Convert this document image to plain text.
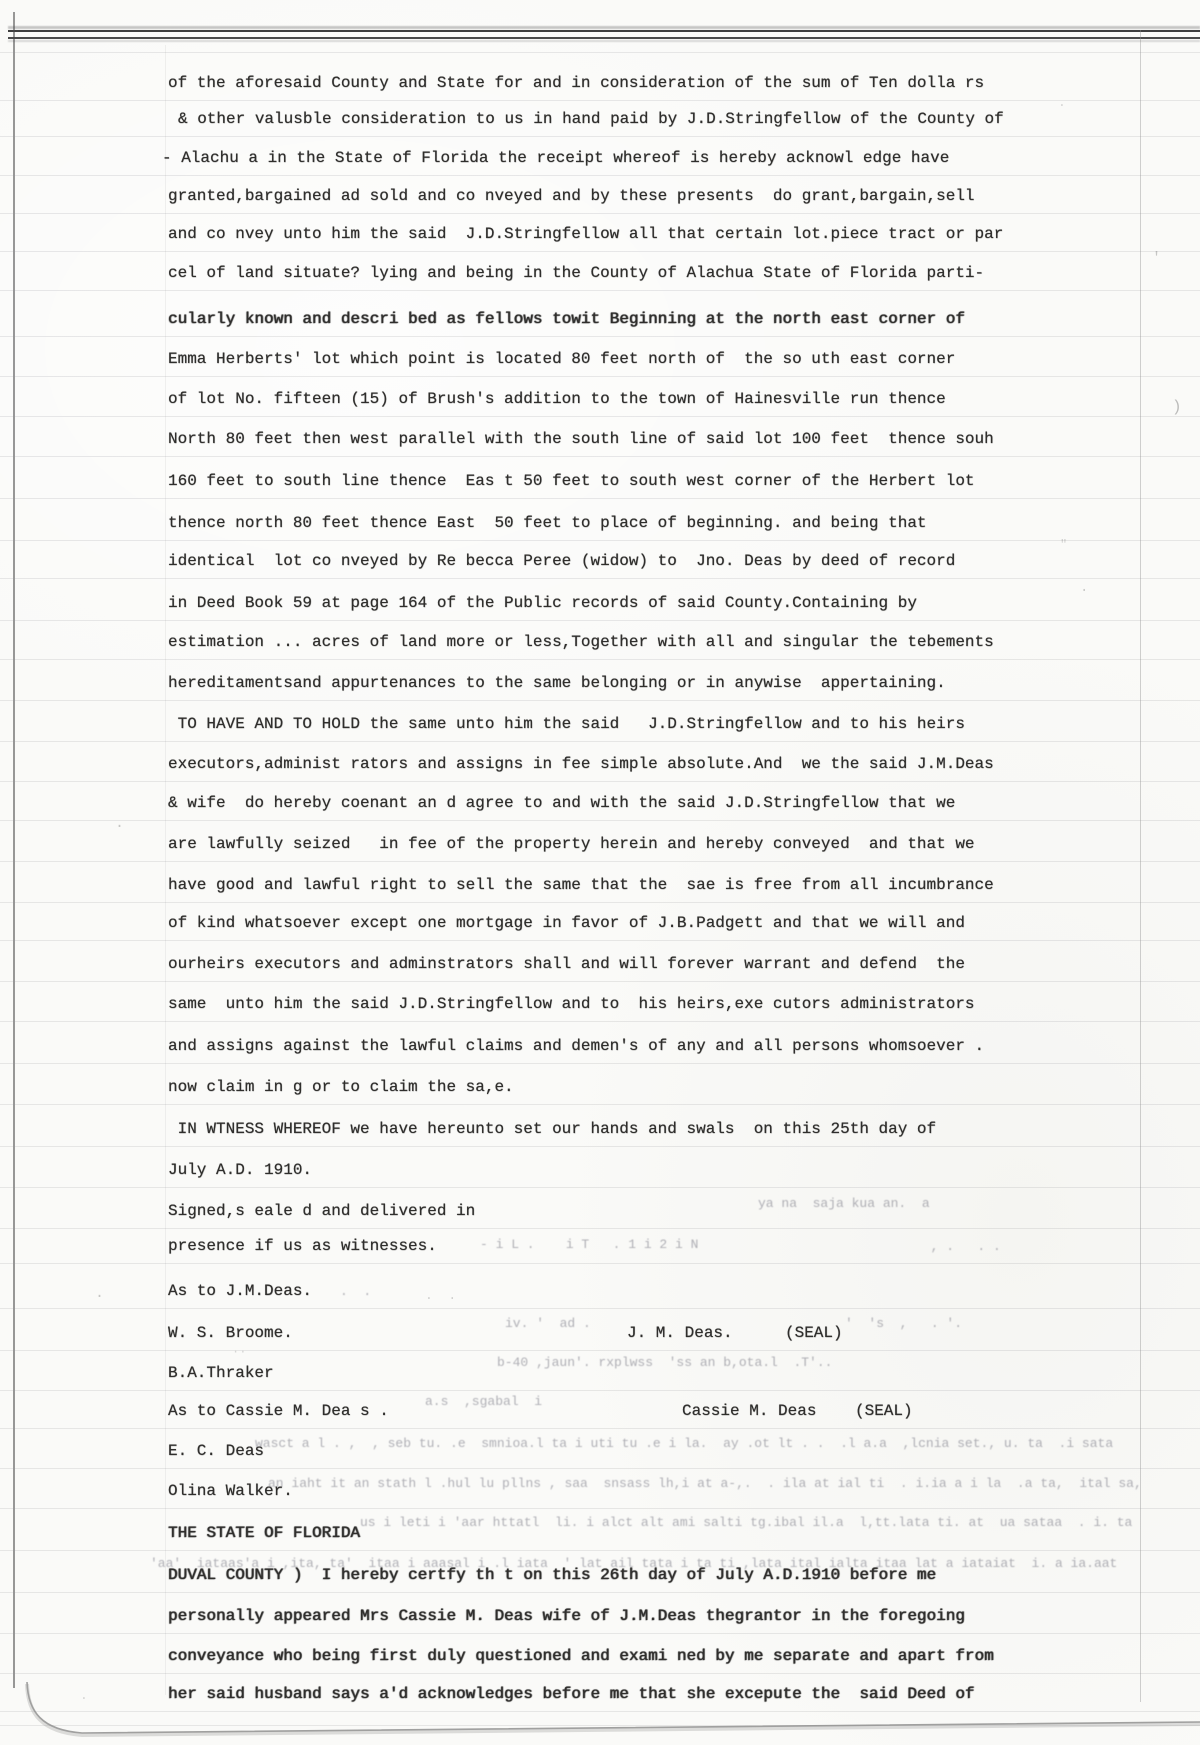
of the aforesaid County and State for and in consideration of the sum of Ten dolla rs
& other valusble consideration to us in hand paid by J.D.Stringfellow of the County of
- Alachu a in the State of Florida the receipt whereof is hereby acknowl edge have
granted,bargained ad sold and co nveyed and by these presents  do grant,bargain,sell
and co nvey unto him the said  J.D.Stringfellow all that certain lot.piece tract or par
cel of land situate? lying and being in the County of Alachua State of Florida parti-
cularly known and descri bed as fellows towit Beginning at the north east corner of
Emma Herberts' lot which point is located 80 feet north of  the so uth east corner
of lot No. fifteen (15) of Brush's addition to the town of Hainesville run thence
North 80 feet then west parallel with the south line of said lot 100 feet  thence souh
160 feet to south line thence  Eas t 50 feet to south west corner of the Herbert lot
thence north 80 feet thence East  50 feet to place of beginning. and being that
identical  lot co nveyed by Re becca Peree (widow) to  Jno. Deas by deed of record
in Deed Book 59 at page 164 of the Public records of said County.Containing by
estimation ... acres of land more or less,Together with all and singular the tebements
hereditamentsand appurtenances to the same belonging or in anywise  appertaining.
TO HAVE AND TO HOLD the same unto him the said   J.D.Stringfellow and to his heirs
executors,administ rators and assigns in fee simple absolute.And  we the said J.M.Deas
& wife  do hereby coenant an d agree to and with the said J.D.Stringfellow that we
are lawfully seized   in fee of the property herein and hereby conveyed  and that we
have good and lawful right to sell the same that the  sae is free from all incumbrance
of kind whatsoever except one mortgage in favor of J.B.Padgett and that we will and
ourheirs executors and adminstrators shall and will forever warrant and defend  the
same  unto him the said J.D.Stringfellow and to  his heirs,exe cutors administrators
and assigns against the lawful claims and demen's of any and all persons whomsoever .
now claim in g or to claim the sa,e.
IN WTNESS WHEREOF we have hereunto set our hands and swals  on this 25th day of
July A.D. 1910.
Signed,s eale d and delivered in
presence if us as witnesses.
As to J.M.Deas.
W. S. Broome.	J. M. Deas.	(SEAL)
B.A.Thraker
As to Cassie M. Dea s .	Cassie M. Deas (SEAL)
E. C. Deas
Olina Walker.
THE STATE OF FLORIDA
DUVAL COUNTY )  I hereby certfy th t on this 26th day of July A.D.1910 before me
personally appeared Mrs Cassie M. Deas wife of J.M.Deas thegrantor in the foregoing
conveyance who being first duly questioned and exami ned by me separate and apart from
her said husband says a'd acknowledges before me that she excepute the  said Deed of
ya na  saja kua an.  a
- i L .    i T   . 1 i 2 i N	, .   . .
.  .
iv. '  ad .	'  's  ,   . '.
b-40 ,jaun'. rxplwss  'ss an b,ota.l  .T'..
a.s  ,sgabal  i
wasct a l . ,  , seb tu. .e  smnioa.l ta i uti tu .e i la.  ay .ot lt . .  .l a.a  ,lcnia set., u. ta  .i sata
an iaht it an stath l .hul lu pllns , saa  snsass lh,i at a-,.  . ila at ial ti  . i.ia a i la  .a ta,  ital sa,
us i leti i 'aar httatl  li. i alct alt ami salti tg.ibal il.a  l,tt.lata ti. at  ua sataa  . i. ta
'aa'  iataas'a i ,ita, ta'  itaa i aaasal i .l iata  ' lat ail tata i ta ti ,lata ital ialta itaa lat a iataiat  i. a ia.aat
'
)
.
"
.
.	.  .
··
.
.
